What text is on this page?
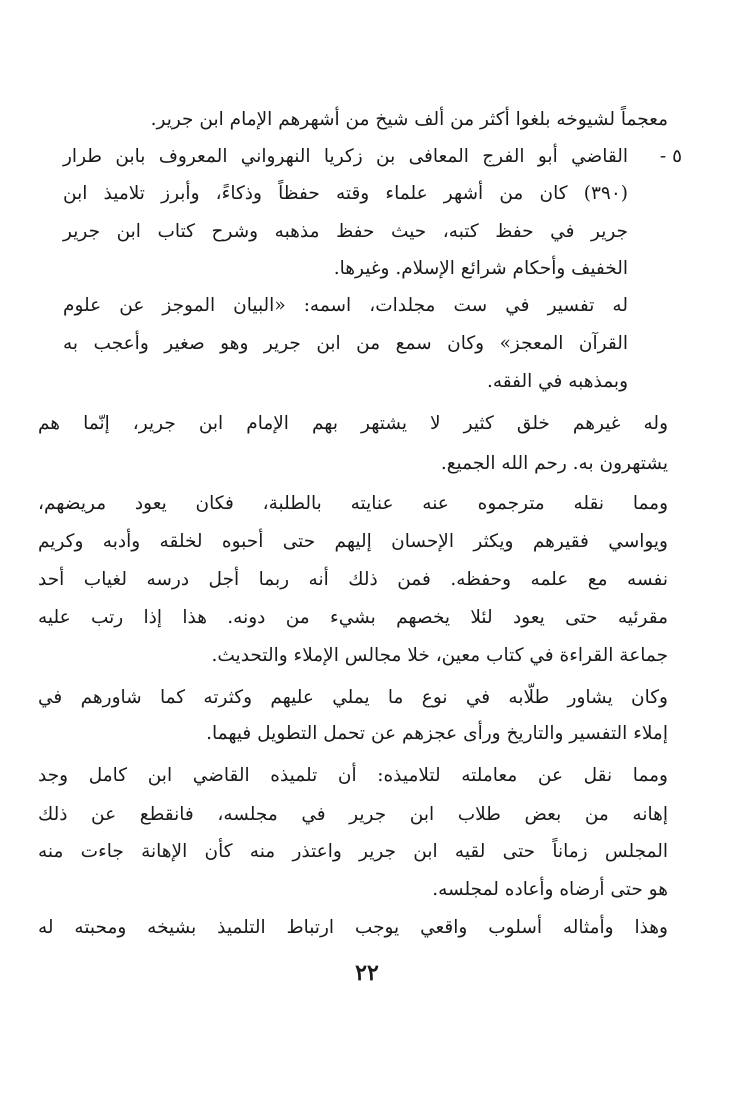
معجماً لشيوخه بلغوا أكثر من ألف شيخ من أشهرهم الإمام ابن جرير.
٥ -
القاضي أبو الفرج المعافى بن زكريا النهرواني المعروف بابن طرار
(٣٩٠) كان من أشهر علماء وقته حفظاً وذكاءً، وأبرز تلاميذ ابن
جرير في حفظ كتبه، حيث حفظ مذهبه وشرح كتاب ابن جرير
الخفيف وأحكام شرائع الإسلام. وغيرها.
له تفسير في ست مجلدات، اسمه: «البيان الموجز عن علوم
القرآن المعجز» وكان سمع من ابن جرير وهو صغير وأعجب به
وبمذهبه في الفقه.
وله غيرهم خلق كثير لا يشتهر بهم الإمام ابن جرير، إنّما هم
يشتهرون به. رحم الله الجميع.
ومما نقله مترجموه عنه عنايته بالطلبة، فكان يعود مريضهم،
ويواسي فقيرهم ويكثر الإحسان إليهم حتى أحبوه لخلقه وأدبه وكريم
نفسه مع علمه وحفظه. فمن ذلك أنه ربما أجل درسه لغياب أحد
مقرئيه حتى يعود لئلا يخصهم بشيء من دونه. هذا إذا رتب عليه
جماعة القراءة في كتاب معين، خلا مجالس الإملاء والتحديث.
وكان يشاور طلّابه في نوع ما يملي عليهم وكثرته كما شاورهم في
إملاء التفسير والتاريخ ورأى عجزهم عن تحمل التطويل فيهما.
ومما نقل عن معاملته لتلاميذه: أن تلميذه القاضي ابن كامل وجد
إهانه من بعض طلاب ابن جرير في مجلسه، فانقطع عن ذلك
المجلس زماناً حتى لقيه ابن جرير واعتذر منه كأن الإهانة جاءت منه
هو حتى أرضاه وأعاده لمجلسه.
وهذا وأمثاله أسلوب واقعي يوجب ارتباط التلميذ بشيخه ومحبته له
٢٢
